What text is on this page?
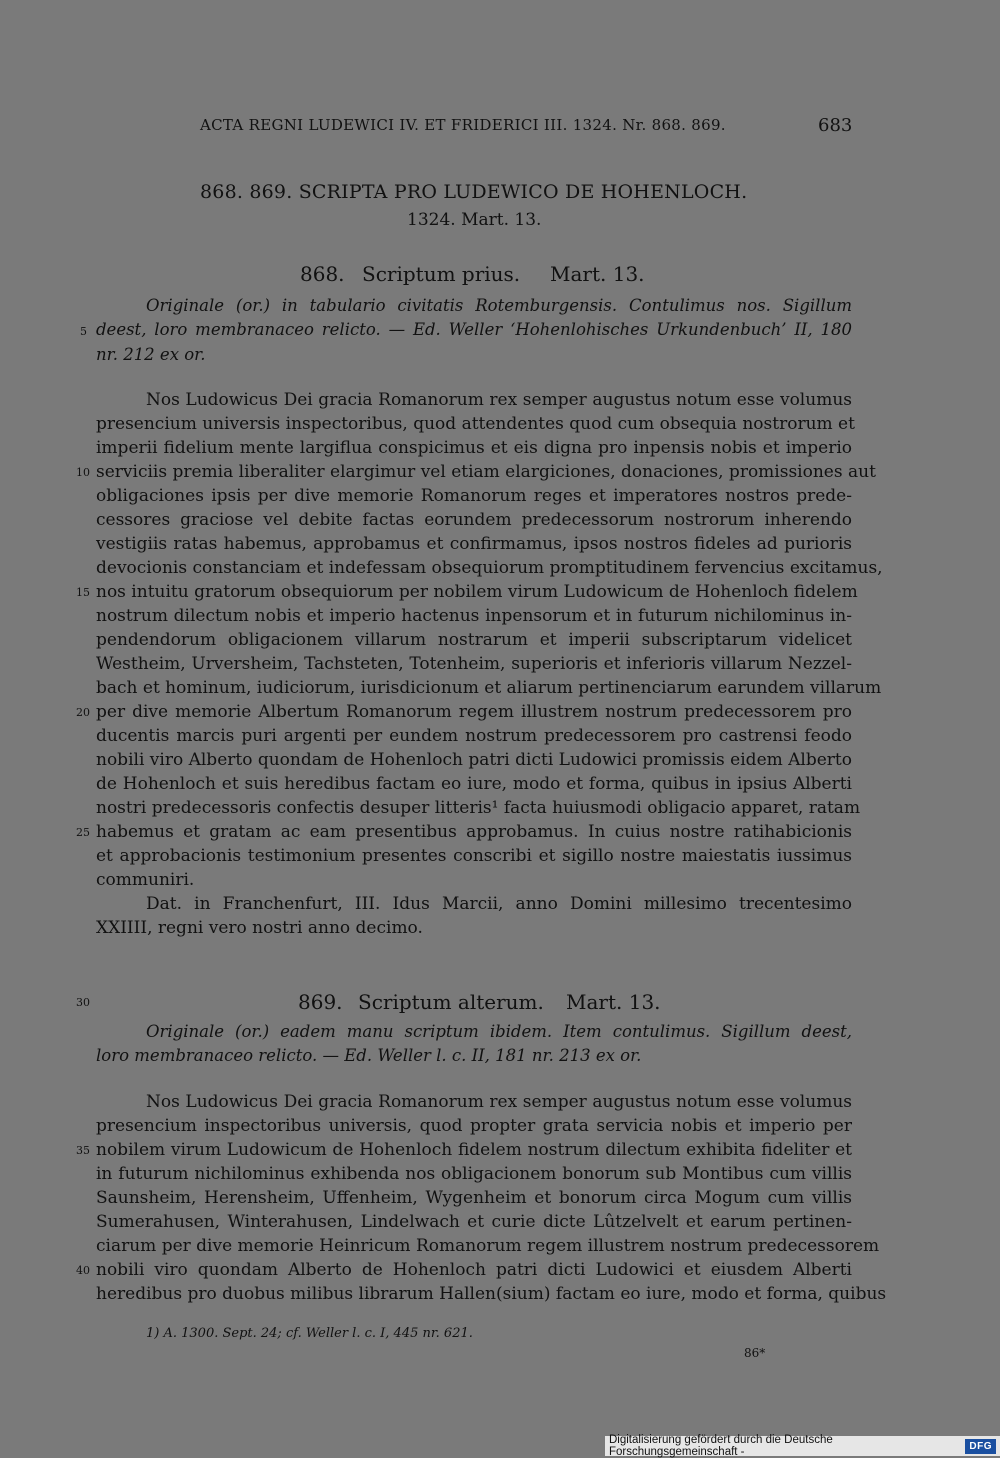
ACTA REGNI LUDEWICI IV. ET FRIDERICI III. 1324. Nr. 868. 869.	683
868. 869. SCRIPTA PRO LUDEWICO DE HOHENLOCH.
1324. Mart. 13.
868. Scriptum prius. Mart. 13.
Originale (or.) in tabulario civitatis Rotemburgensis. Contulimus nos. Sigillum
deest, loro membranaceo relicto. — Ed. Weller ‘Hohenlohisches Urkundenbuch’ II, 180
nr. 212 ex or.
Nos Ludowicus Dei gracia Romanorum rex semper augustus notum esse volumus
presencium universis inspectoribus, quod attendentes quod cum obsequia nostrorum et
imperii fidelium mente largiflua conspicimus et eis digna pro inpensis nobis et imperio
serviciis premia liberaliter elargimur vel etiam elargiciones, donaciones, promissiones aut
obligaciones ipsis per dive memorie Romanorum reges et imperatores nostros prede-
cessores graciose vel debite factas eorundem predecessorum nostrorum inherendo
vestigiis ratas habemus, approbamus et confirmamus, ipsos nostros fideles ad purioris
devocionis constanciam et indefessam obsequiorum promptitudinem fervencius excitamus,
nos intuitu gratorum obsequiorum per nobilem virum Ludowicum de Hohenloch fidelem
nostrum dilectum nobis et imperio hactenus inpensorum et in futurum nichilominus in-
pendendorum obligacionem villarum nostrarum et imperii subscriptarum videlicet
Westheim, Urversheim, Tachsteten, Totenheim, superioris et inferioris villarum Nezzel-
bach et hominum, iudiciorum, iurisdicionum et aliarum pertinenciarum earundem villarum
per dive memorie Albertum Romanorum regem illustrem nostrum predecessorem pro
ducentis marcis puri argenti per eundem nostrum predecessorem pro castrensi feodo
nobili viro Alberto quondam de Hohenloch patri dicti Ludowici promissis eidem Alberto
de Hohenloch et suis heredibus factam eo iure, modo et forma, quibus in ipsius Alberti
nostri predecessoris confectis desuper litteris¹ facta huiusmodi obligacio apparet, ratam
habemus et gratam ac eam presentibus approbamus. In cuius nostre ratihabicionis
et approbacionis testimonium presentes conscribi et sigillo nostre maiestatis iussimus
communiri.
Dat. in Franchenfurt, III. Idus Marcii, anno Domini millesimo trecentesimo
XXIIII, regni vero nostri anno decimo.
869. Scriptum alterum. Mart. 13.
Originale (or.) eadem manu scriptum ibidem. Item contulimus. Sigillum deest,
loro membranaceo relicto. — Ed. Weller l. c. II, 181 nr. 213 ex or.
Nos Ludowicus Dei gracia Romanorum rex semper augustus notum esse volumus
presencium inspectoribus universis, quod propter grata servicia nobis et imperio per
nobilem virum Ludowicum de Hohenloch fidelem nostrum dilectum exhibita fideliter et
in futurum nichilominus exhibenda nos obligacionem bonorum sub Montibus cum villis
Saunsheim, Herensheim, Uffenheim, Wygenheim et bonorum circa Mogum cum villis
Sumerahusen, Winterahusen, Lindelwach et curie dicte Lûtzelvelt et earum pertinen-
ciarum per dive memorie Heinricum Romanorum regem illustrem nostrum predecessorem
nobili viro quondam Alberto de Hohenloch patri dicti Ludowici et eiusdem Alberti
heredibus pro duobus milibus librarum Hallen(sium) factam eo iure, modo et forma, quibus
5
10
15
20
25
30
35
40
1) A. 1300. Sept. 24; cf. Weller l. c. I, 445 nr. 621.
86*
Digitalisierung gefördert durch die Deutsche Forschungsgemeinschaft -	DFG
